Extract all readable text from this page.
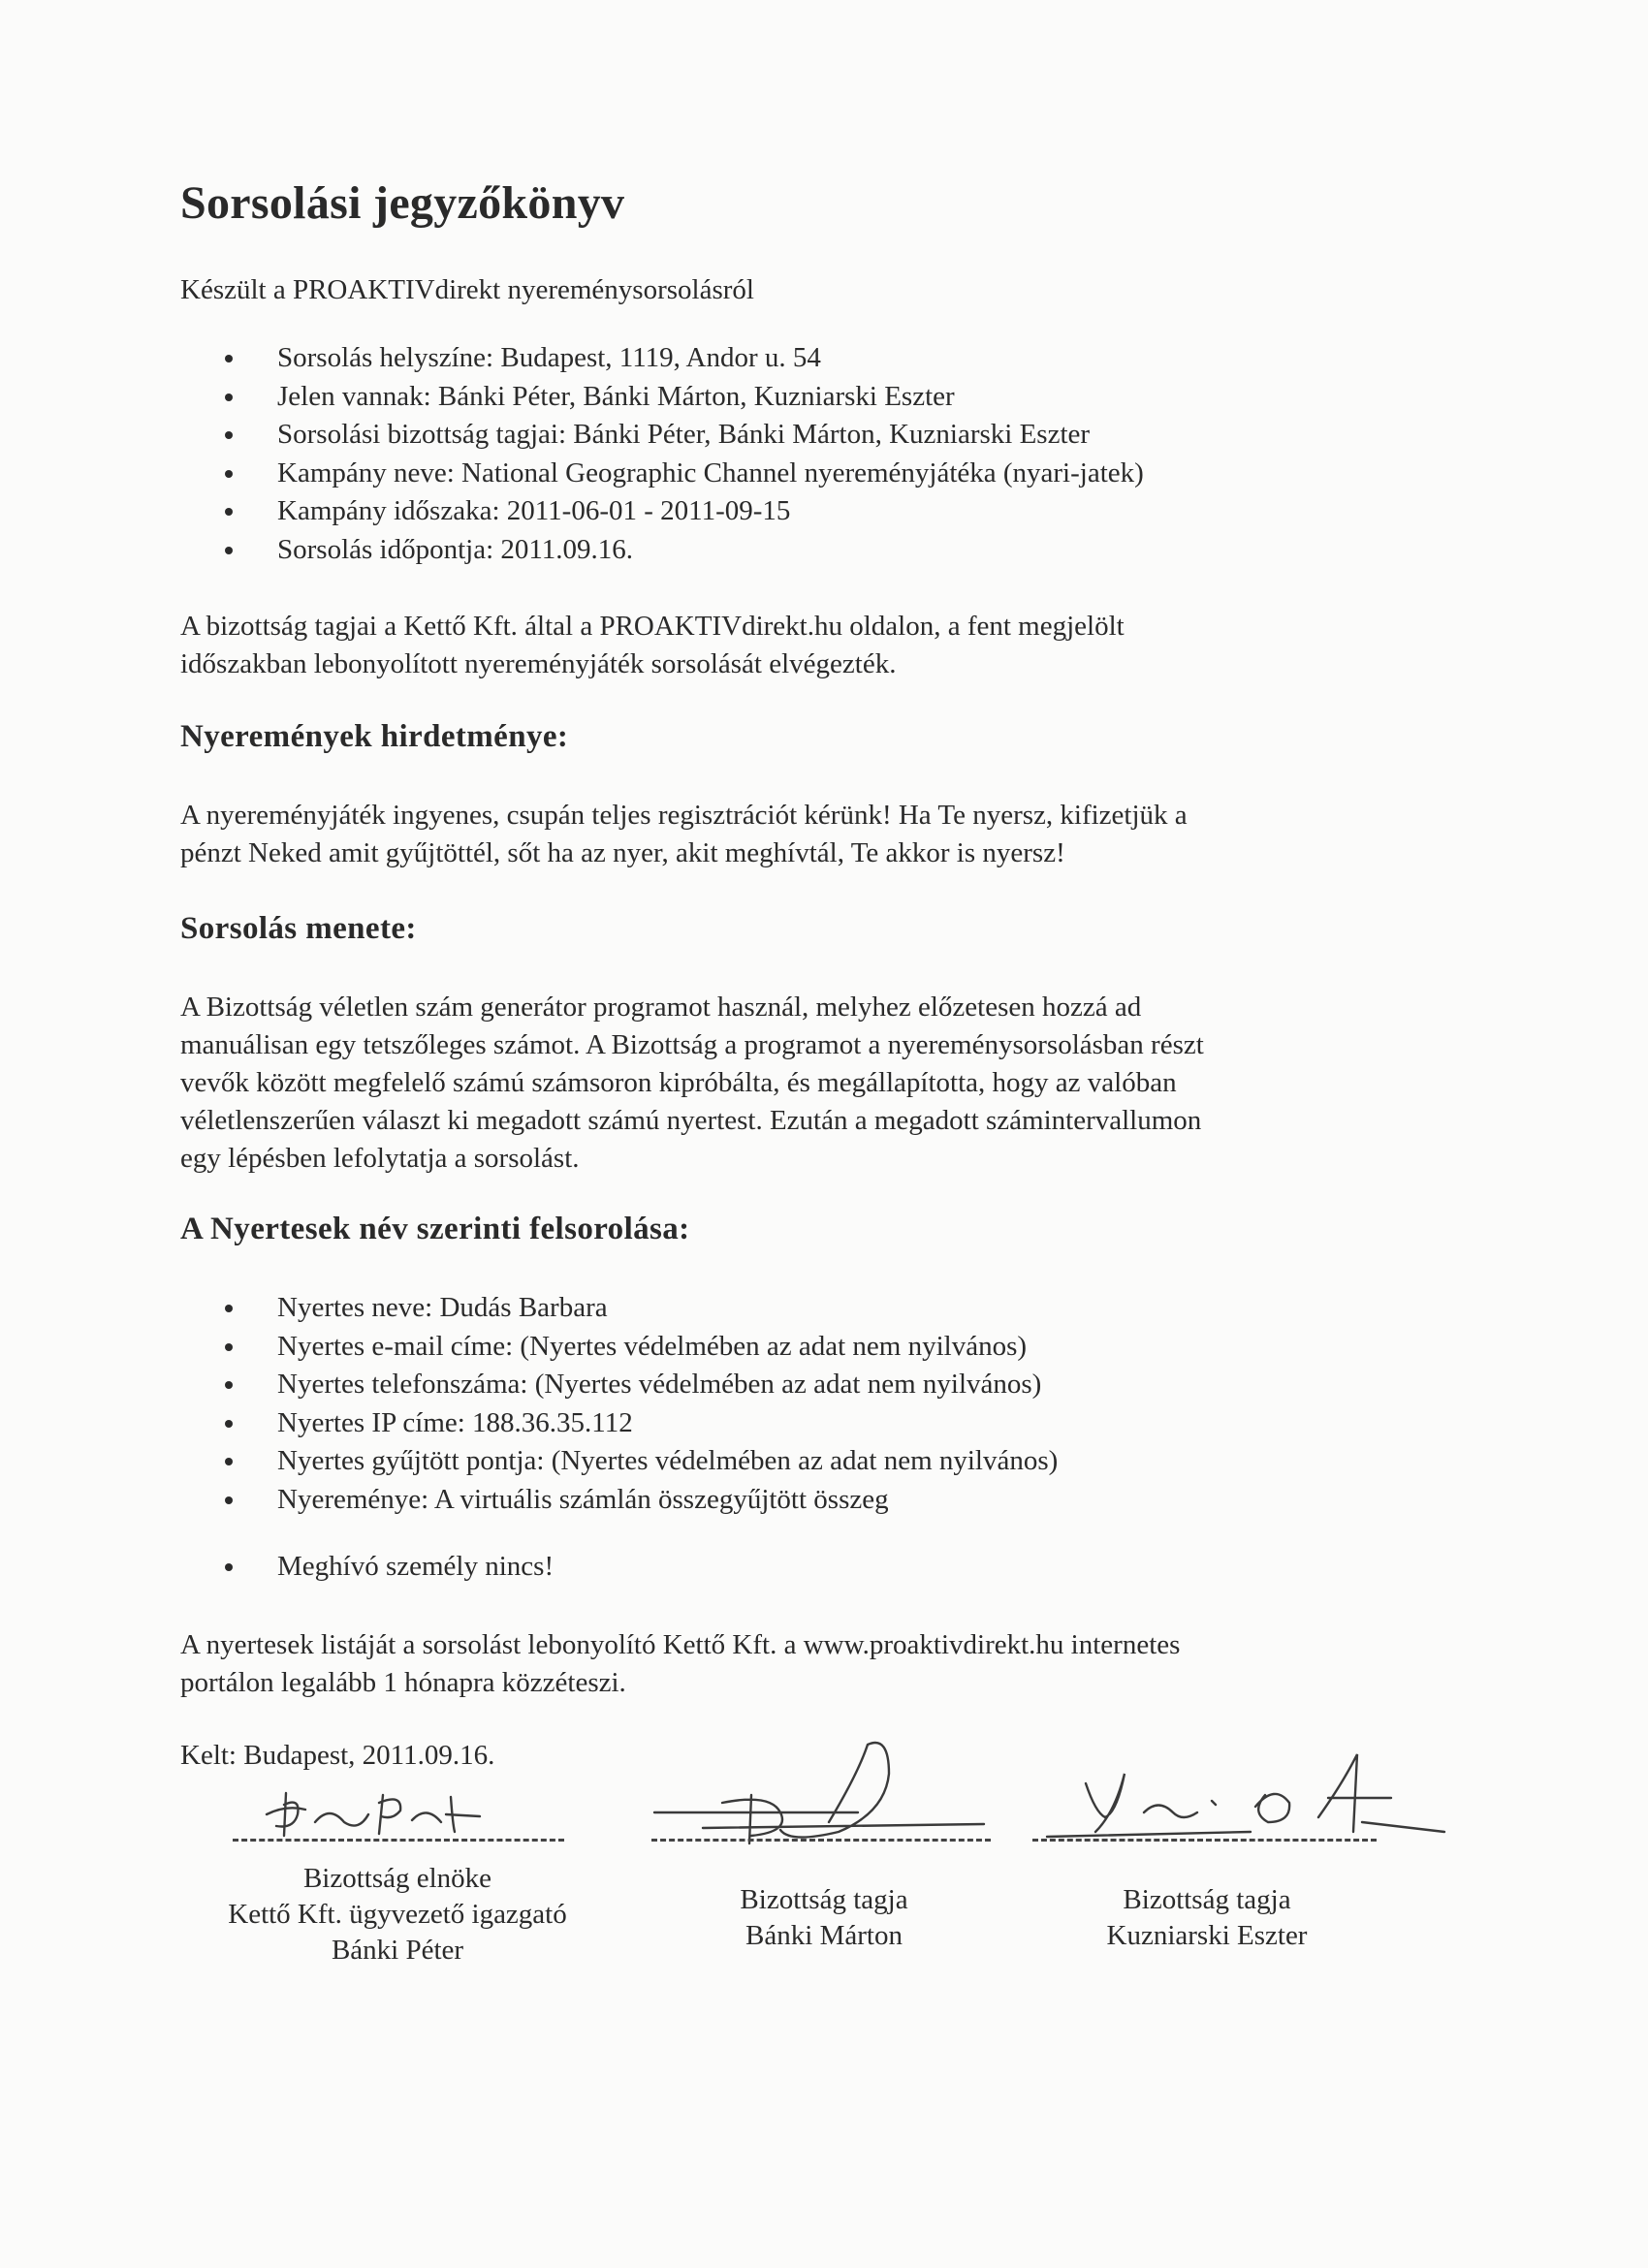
Sorsolási jegyzőkönyv

Készült a PROAKTIVdirekt nyereménysorsolásról

Sorsolás helyszíne: Budapest, 1119, Andor u. 54
Jelen vannak: Bánki Péter, Bánki Márton, Kuzniarski Eszter
Sorsolási bizottság tagjai: Bánki Péter, Bánki Márton, Kuzniarski Eszter
Kampány neve: National Geographic Channel nyereményjátéka (nyari-jatek)
Kampány időszaka: 2011-06-01 - 2011-09-15
Sorsolás időpontja: 2011.09.16.

A bizottság tagjai a Kettő Kft. által a PROAKTIVdirekt.hu oldalon, a fent megjelölt

időszakban lebonyolított nyereményjáték sorsolását elvégezték.

Nyeremények hirdetménye:

A nyereményjáték ingyenes, csupán teljes regisztrációt kérünk! Ha Te nyersz, kifizetjük a

pénzt Neked amit gyűjtöttél, sőt ha az nyer, akit meghívtál, Te akkor is nyersz!

Sorsolás menete:

A Bizottság véletlen szám generátor programot használ, melyhez előzetesen hozzá ad

manuálisan egy tetszőleges számot. A Bizottság a programot a nyereménysorsolásban részt

vevők között megfelelő számú számsoron kipróbálta, és megállapította, hogy az valóban

véletlenszerűen választ ki megadott számú nyertest. Ezután a megadott számintervallumon

egy lépésben lefolytatja a sorsolást.

A Nyertesek név szerinti felsorolása:
Nyertes neve: Dudás Barbara
Nyertes e-mail címe: (Nyertes védelmében az adat nem nyilvános)
Nyertes telefonszáma: (Nyertes védelmében az adat nem nyilvános)
Nyertes IP címe: 188.36.35.112
Nyertes gyűjtött pontja: (Nyertes védelmében az adat nem nyilvános)
Nyereménye: A virtuális számlán összegyűjtött összeg
Meghívó személy nincs!

A nyertesek listáját a sorsolást lebonyolító Kettő Kft. a www.proaktivdirekt.hu internetes

portálon legalább 1 hónapra közzéteszi.

Kelt: Budapest, 2011.09.16.

Bizottság elnöke
Kettő Kft. ügyvezető igazgató
Bánki Péter
Bizottság tagja
Bánki Márton
Bizottság tagja
Kuzniarski Eszter
